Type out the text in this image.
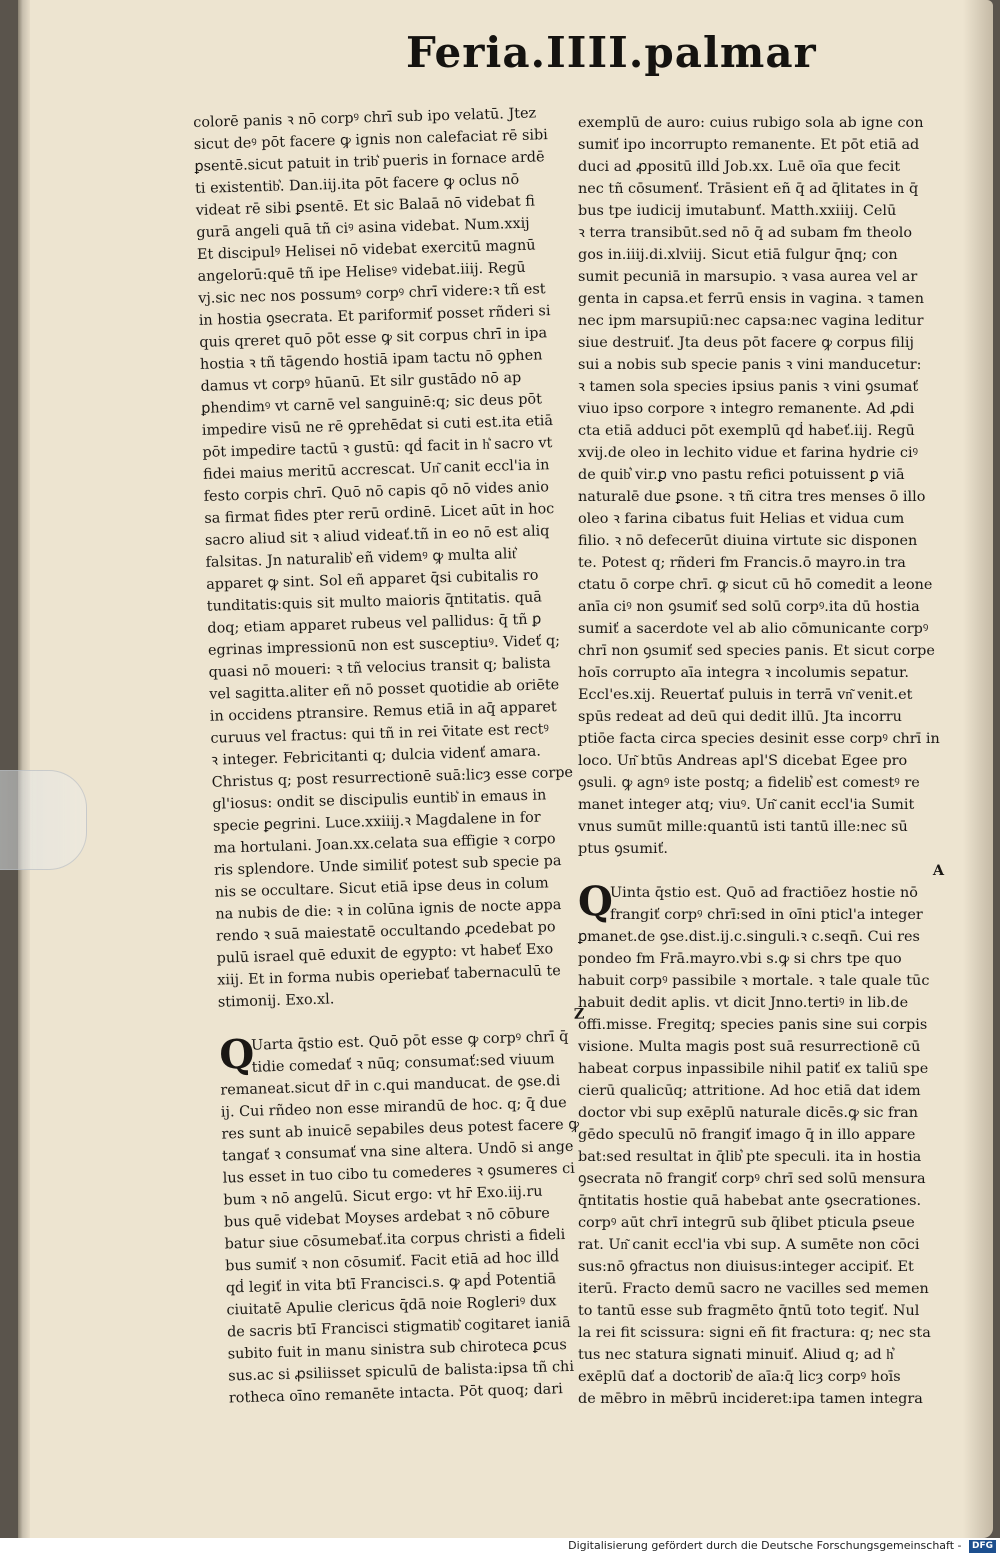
Feria.IIII.palmar
colorē panis ꝛ nō corpꝰ chrī sub ipo velatū. Jtez
sicut deꝰ pōt facere ꝙ ignis non calefaciat rē sibi
ꝑsentē.sicut patuit in trib͛ pueris in fornace ardē
ti existentib͛. Dan.iij.ita pōt facere ꝙ oclus nō
videat rē sibi ꝑsentē. Et sic Balaā nō videbat fi
gurā angeli quā tñ ciꝰ asina videbat. Num.xxij
Et discipulꝰ Helisei nō videbat exercitū magnū
angelorū:quē tñ ipe Heliseꝰ videbat.iiij. Regū
vj.sic nec nos possumꝰ corpꝰ chrī videre:ꝛ tñ est
in hostia ꝯsecrata. Et pariformiť posset rñderi si
quis qreret quō pōt esse ꝙ sit corpus chrī in ipa
hostia ꝛ tñ tāgendo hostiā ipam tactu nō ꝯphen
damus vt corpꝰ hūanū. Et silr gustādo nō ap
ꝑhendimꝰ vt carnē vel sanguinē:q; sic deus pōt
impedire visū ne rē ꝯprehēdat si cuti est.ita etiā
pōt impedire tactū ꝛ gustū: qḋ facit in h͛ sacro vt
fidei maius meritū accrescat. Un͂ canit eccl'ia in
festo corpis chrī. Quō nō capis qō nō vides anio
sa firmat fides pter rerū ordinē. Licet aūt in hoc
sacro aliud sit ꝛ aliud videať.tñ in eo nō est aliq
falsitas. Jn naturalib͛ eñ videmꝰ ꝙ multa alit͛
apparet ꝙ sint. Sol eñ apparet q̄si cubitalis ro
tunditatis:quis sit multo maioris q̄ntitatis. quā
doq; etiam apparet rubeus vel pallidus: q̄ tñ ꝑ
egrinas impressionū non est susceptiuꝰ. Videť q;
quasi nō moueri: ꝛ tñ velocius transit q; balista
vel sagitta.aliter eñ nō posset quotidie ab oriēte
in occidens ptransire. Remus etiā in aq̄ apparet
curuus vel fractus: qui tñ in rei v̄itate est rectꝰ
ꝛ integer. Febricitanti q; dulcia videnť amara.
Christus q; post resurrectionē suā:licȝ esse corpe
gl'iosus: ondit se discipulis euntib͛ in emaus in
specie ꝑegrini. Luce.xxiiij.ꝛ Magdalene in for
ma hortulani. Joan.xx.celata sua effigie ꝛ corpo
ris splendore. Unde similiť potest sub specie pa
nis se occultare. Sicut etiā ipse deus in colum
na nubis de die: ꝛ in colūna ignis de nocte appa
rendo ꝛ suā maiestatē occultando ꝓcedebat po
pulū israel quē eduxit de egypto: vt habeť Exo
xiij. Et in forma nubis operiebať tabernaculū te
stimonij. Exo.xl.
Z
Q
Uarta q̄stio est. Quō pōt esse ꝙ corpꝰ chrī q̄
tidie comedať ꝛ nūq; consumať:sed viuum
remaneat.sicut dr̄ in c.qui manducat. de ꝯse.di
ij. Cui rñdeo non esse mirandū de hoc. q; q̄ due
res sunt ab inuicē sepabiles deus potest facere ꝙ
tangať ꝛ consumať vna sine altera. Undō si ange
lus esset in tuo cibo tu comederes ꝛ ꝯsumeres ci
bum ꝛ nō angelū. Sicut ergo: vt hr̄ Exo.iij.ru
bus quē videbat Moyses ardebat ꝛ nō cōbure
batur siue cōsumebať.ita corpus christi a fideli
bus sumiť ꝛ non cōsumiť. Facit etiā ad hoc illḋ
qḋ legiť in vita btī Francisci.s. ꝙ apḋ Potentiā
ciuitatē Apulie clericus q̄dā noie Rogleriꝰ dux
de sacris btī Francisci stigmatib͛ cogitaret ianiā
subito fuit in manu sinistra sub chiroteca ꝑcus
sus.ac si ꝓsiliisset spiculū de balista:ipsa tñ chi
rotheca oīno remanēte intacta. Pōt quoq; dari
exemplū de auro: cuius rubigo sola ab igne con
sumiť ipo incorrupto remanente. Et pōt etiā ad
duci ad ꝓpositū illḋ Job.xx. Luē oīa que fecit
nec tñ cōsumenť. Trāsient eñ q̄ ad q̄litates in q̄
bus tpe iudicij imutabunť. Matth.xxiiij. Celū
ꝛ terra transibūt.sed nō q̄ ad subam fm theolo
gos in.iiij.di.xlviij. Sicut etiā fulgur q̄nq; con
sumit pecuniā in marsupio. ꝛ vasa aurea vel ar
genta in capsa.et ferrū ensis in vagina. ꝛ tamen
nec ipm marsupiū:nec capsa:nec vagina leditur
siue destruiť. Jta deus pōt facere ꝙ corpus filij
sui a nobis sub specie panis ꝛ vini manducetur:
ꝛ tamen sola species ipsius panis ꝛ vini ꝯsumať
viuo ipso corpore ꝛ integro remanente. Ad ꝓdi
cta etiā adduci pōt exemplū qḋ habeť.iij. Regū
xvij.de oleo in lechito vidue et farina hydrie ciꝰ
de quib͛ vir.ꝑ vno pastu refici potuissent ꝑ viā
naturalē due ꝑsone. ꝛ tñ citra tres menses ō illo
oleo ꝛ farina cibatus fuit Helias et vidua cum
filio. ꝛ nō defecerūt diuina virtute sic disponen
te. Potest q; rñderi fm Francis.ō mayro.in tra
ctatu ō corpe chrī. ꝙ sicut cū hō comedit a leone
anīa ciꝰ non ꝯsumiť sed solū corpꝰ.ita dū hostia
sumiť a sacerdote vel ab alio cōmunicante corpꝰ
chrī non ꝯsumiť sed species panis. Et sicut corpe
hoīs corrupto aīa integra ꝛ incolumis sepatur.
Eccl'es.xij. Reuertať puluis in terrā vn͂ venit.et
spūs redeat ad deū qui dedit illū. Jta incorru
ptiōe facta circa species desinit esse corpꝰ chrī in
loco. Un͂ btūs Andreas apl'S dicebat Egee pro
ꝯsuli. ꝙ agnꝰ iste postq; a fidelib͛ est comestꝰ re
manet integer atq; viuꝰ. Un͂ canit eccl'ia Sumit
vnus sumūt mille:quantū isti tantū ille:nec sū
ptus ꝯsumiť.
A
Q
Uinta q̄stio est. Quō ad fractiōez hostie nō
frangiť corpꝰ chrī:sed in oīni pticl'a integer
ꝑmanet.de ꝯse.dist.ij.c.singuli.ꝛ c.seqn̄. Cui res
pondeo fm Frā.mayro.vbi s.ꝙ si chrs tpe quo
habuit corpꝰ passibile ꝛ mortale. ꝛ tale quale tūc
habuit dedit aplis. vt dicit Jnno.tertiꝰ in lib.de
offi.misse. Fregitq; species panis sine sui corpis
visione. Multa magis post suā resurrectionē cū
habeat corpus inpassibile nihil patiť ex taliū spe
cierū qualicūq; attritione. Ad hoc etiā dat idem
doctor vbi sup exēplū naturale dicēs.ꝙ sic fran
gēdo speculū nō frangiť imago q̄ in illo appare
bat:sed resultat in q̄lib͛ pte speculi. ita in hostia
ꝯsecrata nō frangiť corpꝰ chrī sed solū mensura
q̄ntitatis hostie quā habebat ante ꝯsecrationes.
corpꝰ aūt chrī integrū sub q̄libet pticula ꝑseue
rat. Un͂ canit eccl'ia vbi sup. A sumēte non cōci
sus:nō ꝯfractus non diuisus:integer accipiť. Et
iterū. Fracto demū sacro ne vacilles sed memen
to tantū esse sub fragmēto q̄ntū toto tegiť. Nul
la rei fit scissura: signi eñ fit fractura: q; nec sta
tus nec statura signati minuiť. Aliud q; ad h͛
exēplū dať a doctorib͛ de aīa:q̄ licȝ corpꝰ hoīs
de mēbro in mēbrū incideret:ipa tamen integra
Digitalisierung gefördert durch die Deutsche Forschungsgemeinschaft - DFG
